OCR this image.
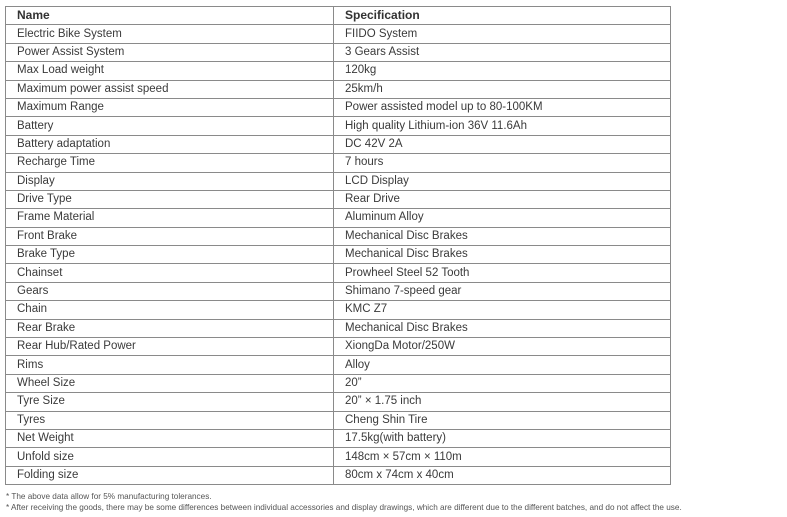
Name	Specification
Electric Bike System	FIIDO System
Power Assist System	3 Gears Assist
Max Load weight	120kg
Maximum power assist speed	25km/h
Maximum Range	Power assisted model up to 80-100KM
Battery	High quality Lithium-ion 36V 11.6Ah
Battery adaptation	DC 42V 2A
Recharge Time	7 hours
Display	LCD Display
Drive Type	Rear Drive
Frame Material	Aluminum Alloy
Front Brake	Mechanical Disc Brakes
Brake Type	Mechanical Disc Brakes
Chainset	Prowheel Steel 52 Tooth
Gears	Shimano 7-speed gear
Chain	KMC Z7
Rear Brake	Mechanical Disc Brakes
Rear Hub/Rated Power	XiongDa Motor/250W
Rims	Alloy
Wheel Size	20”
Tyre Size	20” × 1.75 inch
Tyres	Cheng Shin Tire
Net Weight	17.5kg(with battery)
Unfold size	148cm × 57cm × 110m
Folding size	80cm x 74cm x 40cm
* The above data allow for 5% manufacturing tolerances.
* After receiving the goods, there may be some differences between individual accessories and display drawings, which are different due to the different batches, and do not affect the use.
